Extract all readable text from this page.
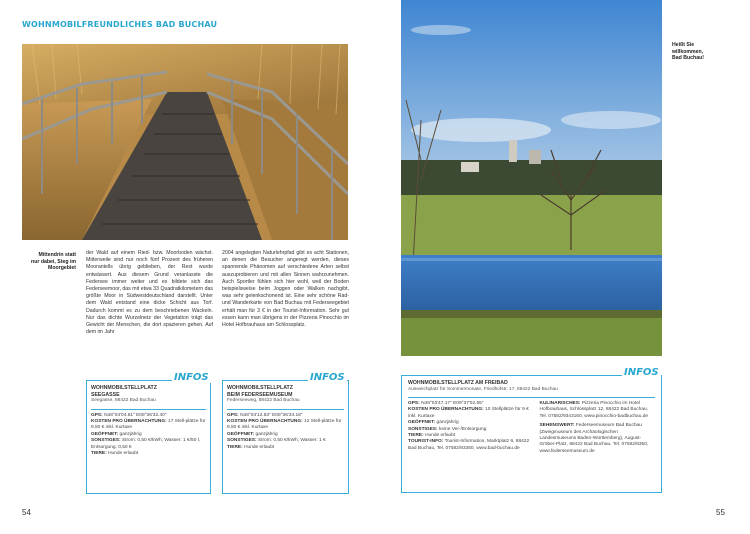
WOHNMOBILFREUNDLICHES BAD BUCHAU
Mittendrin statt
nur dabei, Steg im
Moorgebiet
der Wald auf einem Ried- bzw. Moorboden wächst. Mitterweile sind nur noch fünf Prozent des früheren Moorantells übrig geblieben, der Rest wurde entwässert. Aus diesem Grund veranlasste die Federsee immer weiter und es bildete sich das Federseemoor, das mit etwa 33 Quadratkilometern das größte Moor in Südwestdeutschland darstellt. Unter dem Wald entstand eine dicke Schicht aus Torf. Dadurch kommt es zu dem beschriebenen Wackeln. Nur das dichte Wurzelnetz der Vegetation trägt das Gewicht der Menschen, die dort spazieren gehen. Auf dem im Jahr
2004 angelegten Naturlehrpfad gibt es acht Stationen, an denen die Besucher angeregt werden, dieses spannende Phänomen auf verschiedene Arten selbst auszuprobieren und mit allen Sinnen wahrzunehmen. Auch Sportler fühlen sich hier wohl, weil der Boden beispielsweise beim Joggen oder Walken nachgibt, was sehr gelenkschonend ist. Eine sehr schöne Rad- und Wanderkarte von Bad Buchau mit Federseegebiet erhält man für 3 € in der Tourist-Information. Sehr gut essen kann man übrigens in der Pizzeria Pinocchio im Hotel Hofbrauhaus am Schlossplatz.
WOHNMOBILSTELLPLATZ
SEEGASSE
Seegasse, 88422 Bad Buchau
GPS: N48°04'04.81" E09°36'32.40"
KOSTEN PRO ÜBERNACHTUNG: 17 Stell-plätze für 9,50 € inkl. Kurtaxe
GEÖFFNET: ganzjährig
SONSTIGES: Strom: 0,50 €/kWh, Wasser: 1 €/50 l, Entsorgung: 0,50 €
TIERE: Hunde erlaubt
INFOS
WOHNMOBILSTELLPLATZ
BEIM FEDERSEEMUSEUM
Federseeweg, 88422 Bad Buchau
GPS: N48°04'12.83" E09°36'34.18"
KOSTEN PRO ÜBERNACHTUNG: 12 Stell-plätze für 9,50 € inkl. Kurtaxe
GEÖFFNET: ganzjährig
SONSTIGES: Strom: 0,50 €/kWh, Wasser: 1 €
TIERE: Hunde erlaubt
INFOS
54
Heißt Sie
willkommen,
Bad Buchau!
WOHNMOBILSTELLPLATZ AM FREIBAD
Ausweichplatz für Sommermonate, Friedhofstr. 17, 88422 Bad Buchau
GPS: N48°03'47.17" E09°37'02.55"
KOSTEN PRO ÜBERNACHTUNG: 10 Stellplätze für 9 € inkl. Kurtaxe
GEÖFFNET: ganzjährig
SONSTIGES: keine Ver-/Entsorgung
TIERE: Hunde erlaubt
TOURIST-INFO: Tourist-Information, Marktplatz 6, 88422 Bad Buchau, Tel. 07582/93360, www.bad-buchau.de
KULINARISCHES: Pizzeria Pinocchio im Hotel Hofbrauhaus, Schlossplatz 12, 88422 Bad Buchau, Tel. 07582/9343160, www.pinocchio-badbuchau.de
SEHENSWERT: Federseemuseum Bad Buchau (Zweigmuseum des Archäologischen Landesmuseums Baden-Württemberg), August-Gröber-Platz, 88422 Bad Buchau, Tel. 07582/8350, www.federseemuseum.de
INFOS
55
